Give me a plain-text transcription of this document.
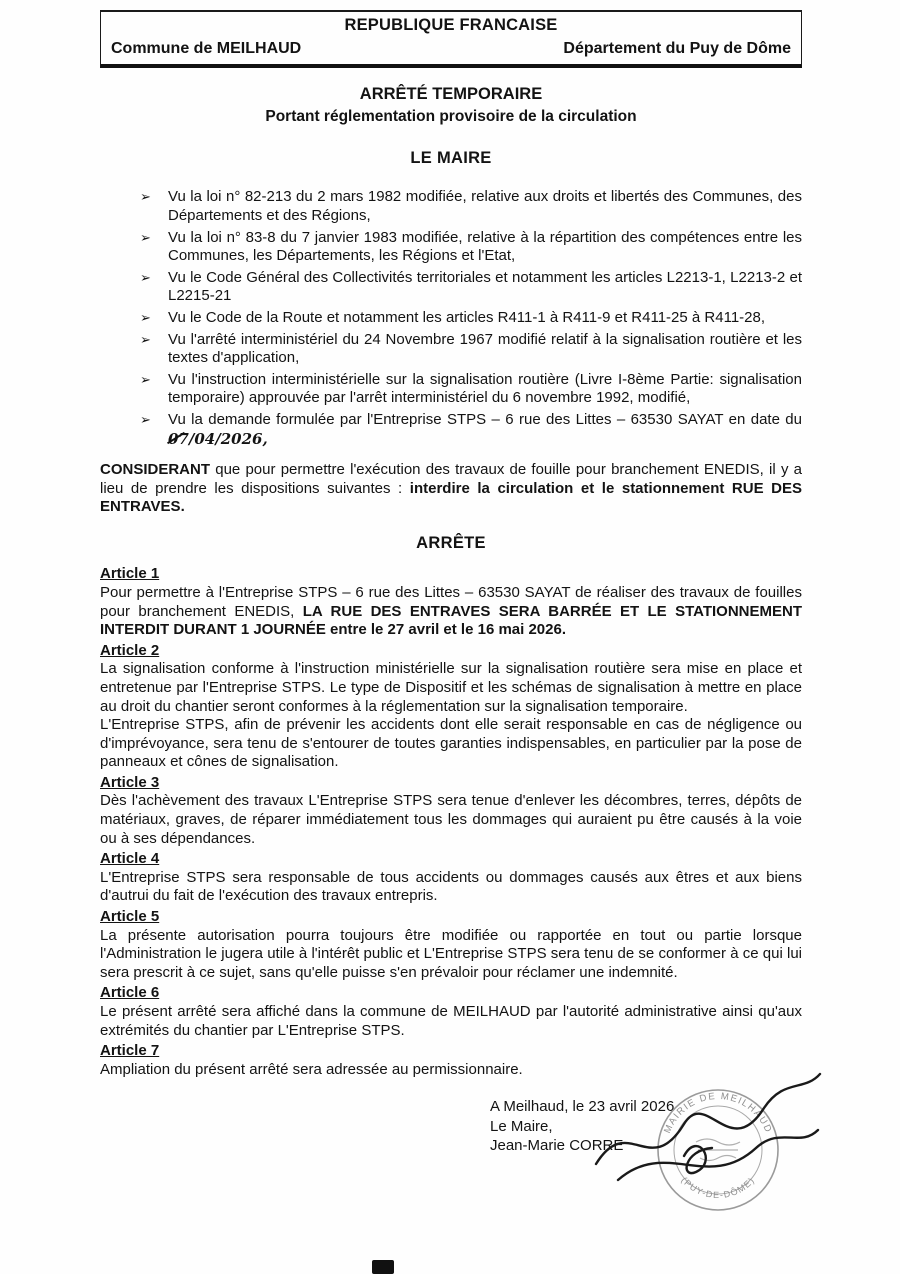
REPUBLIQUE FRANCAISE
Commune de MEILHAUD	Département du Puy de Dôme
ARRÊTÉ TEMPORAIRE
Portant réglementation provisoire de la circulation
LE MAIRE
➢	Vu la loi n° 82-213 du 2 mars 1982 modifiée, relative aux droits et libertés des Communes, des Départements et des Régions,
➢	Vu la loi n° 83-8 du 7 janvier 1983 modifiée, relative à la répartition des compétences entre les Communes, les Départements, les Régions et l'Etat,
➢	Vu le Code Général des Collectivités territoriales et notamment les articles L2213-1, L2213-2 et L2215-21
➢	Vu le Code de la Route et notamment les articles R411-1 à R411-9 et R411-25 à R411-28,
➢	Vu l'arrêté interministériel du 24 Novembre 1967 modifié relatif à la signalisation routière et les textes d'application,
➢	Vu l'instruction interministérielle sur la signalisation routière (Livre I-8ème Partie: signalisation temporaire) approuvée par l'arrêt interministériel du 6 novembre 1992, modifié,
➢	Vu la demande formulée par l'Entreprise STPS – 6 rue des Littes – 63530 SAYAT en date du 07/04/2026,

CONSIDERANT que pour permettre l'exécution des travaux de fouille pour branchement ENEDIS, il y a lieu de prendre les dispositions suivantes : interdire la circulation et le stationnement RUE DES ENTRAVES.

ARRÊTE
Article 1

Pour permettre à l'Entreprise STPS – 6 rue des Littes – 63530 SAYAT de réaliser des travaux de fouilles pour branchement ENEDIS, LA RUE DES ENTRAVES SERA BARRÉE ET LE STATIONNEMENT INTERDIT DURANT 1 JOURNÉE entre le 27 avril et le 16 mai 2026.

Article 2

La signalisation conforme à l'instruction ministérielle sur la signalisation routière sera mise en place et entretenue par l'Entreprise STPS. Le type de Dispositif et les schémas de signalisation à mettre en place au droit du chantier seront conformes à la réglementation sur la signalisation temporaire.

L'Entreprise STPS, afin de prévenir les accidents dont elle serait responsable en cas de négligence ou d'imprévoyance, sera tenu de s'entourer de toutes garanties indispensables, en particulier par la pose de panneaux et cônes de signalisation.

Article 3

Dès l'achèvement des travaux L'Entreprise STPS sera tenue d'enlever les décombres, terres, dépôts de matériaux, graves, de réparer immédiatement tous les dommages qui auraient pu être causés à la voie ou à ses dépendances.

Article 4

L'Entreprise STPS sera responsable de tous accidents ou dommages causés aux êtres et aux biens d'autrui du fait de l'exécution des travaux entrepris.

Article 5

La présente autorisation pourra toujours être modifiée ou rapportée en tout ou partie lorsque l'Administration le jugera utile à l'intérêt public et L'Entreprise STPS sera tenu de se conformer à ce qui lui sera prescrit à ce sujet, sans qu'elle puisse s'en prévaloir pour réclamer une indemnité.

Article 6

Le présent arrêté sera affiché dans la commune de MEILHAUD par l'autorité administrative ainsi qu'aux extrémités du chantier par L'Entreprise STPS.

Article 7

Ampliation du présent arrêté sera adressée au permissionnaire.

A Meilhaud, le 23 avril 2026
Le Maire,
Jean-Marie CORRE
MAIRIE DE MEILHAUD
(PUY-DE-DÔME)
